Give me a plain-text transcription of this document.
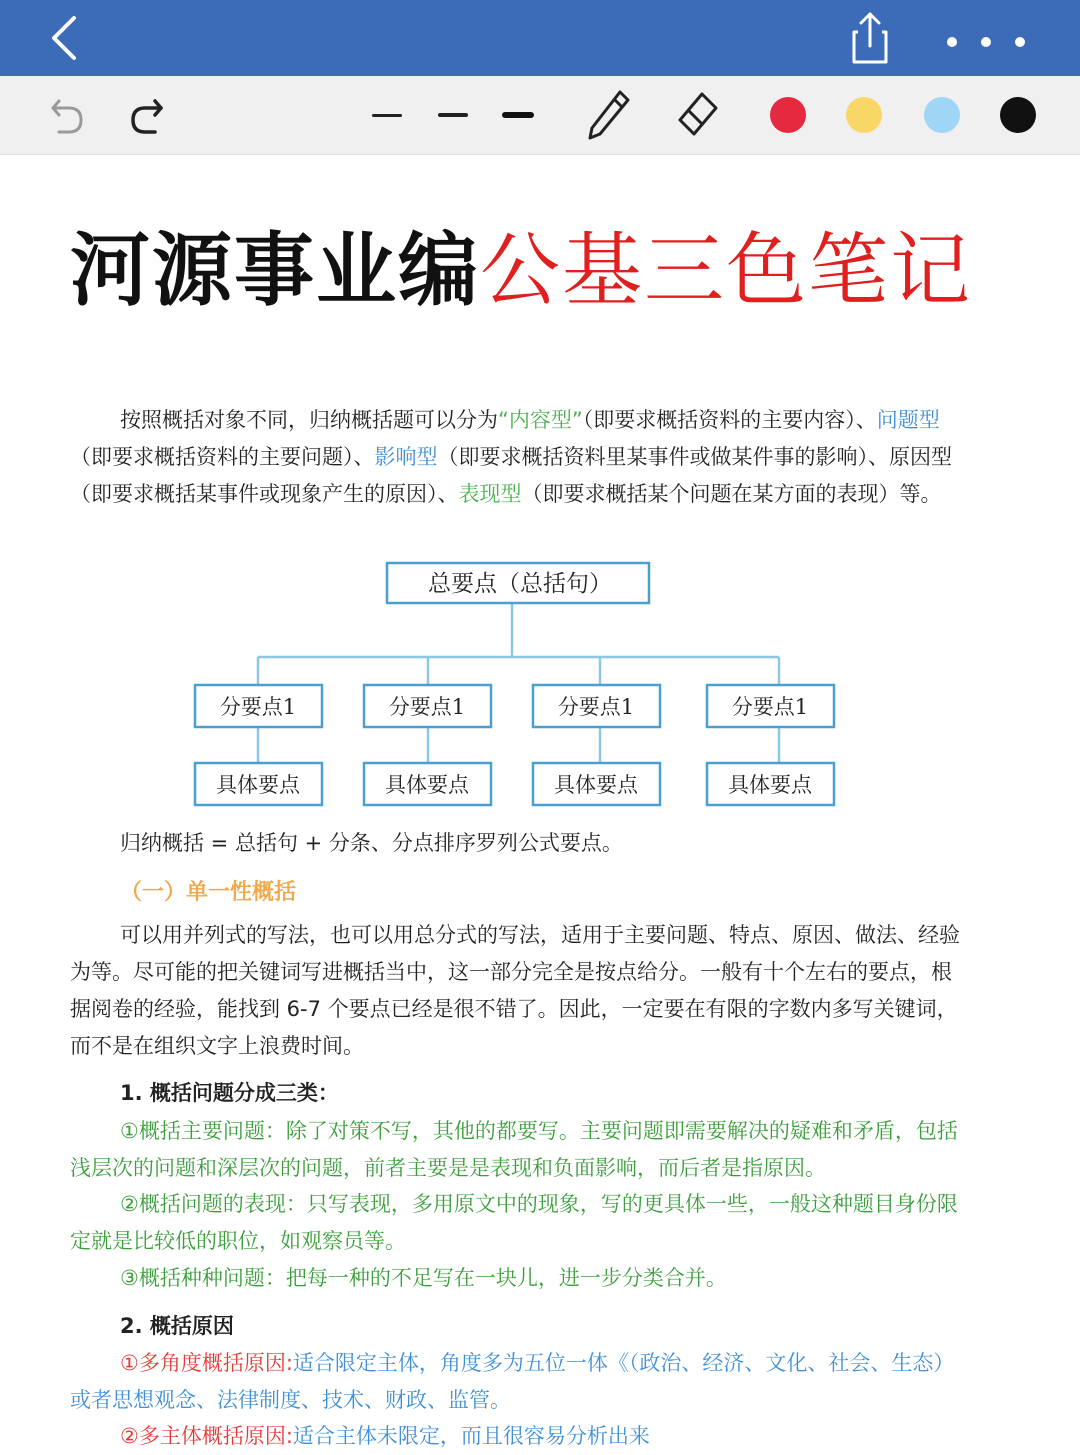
河源事业编公基三色笔记

按照概括对象不同，归纳概括题可以分为“内容型”（即要求概括资料的主要内容）、问题型（即要求概括资料的主要问题）、影响型（即要求概括资料里某事件或做某件事的影响）、原因型（即要求概括某事件或现象产生的原因）、表现型（即要求概括某个问题在某方面的表现）等。

总要点（总括句）
分要点1	分要点1	分要点1	分要点1
具体要点	具体要点	具体要点	具体要点

归纳概括 = 总括句 + 分条、分点排序罗列公式要点。

（一）单一性概括

可以用并列式的写法，也可以用总分式的写法，适用于主要问题、特点、原因、做法、经验为等。尽可能的把关键词写进概括当中，这一部分完全是按点给分。一般有十个左右的要点，根据阅卷的经验，能找到 6-7 个要点已经是很不错了。因此，一定要在有限的字数内多写关键词，而不是在组织文字上浪费时间。

1. 概括问题分成三类：

①概括主要问题：除了对策不写，其他的都要写。主要问题即需要解决的疑难和矛盾，包括浅层次的问题和深层次的问题，前者主要是是表现和负面影响，而后者是指原因。

②概括问题的表现：只写表现，多用原文中的现象，写的更具体一些，一般这种题目身份限定就是比较低的职位，如观察员等。

③概括种种问题：把每一种的不足写在一块儿，进一步分类合并。

2. 概括原因

①多角度概括原因:适合限定主体，角度多为五位一体《（政治、经济、文化、社会、生态）或者思想观念、法律制度、技术、财政、监管。

②多主体概括原因:适合主体未限定，而且很容易分析出来
